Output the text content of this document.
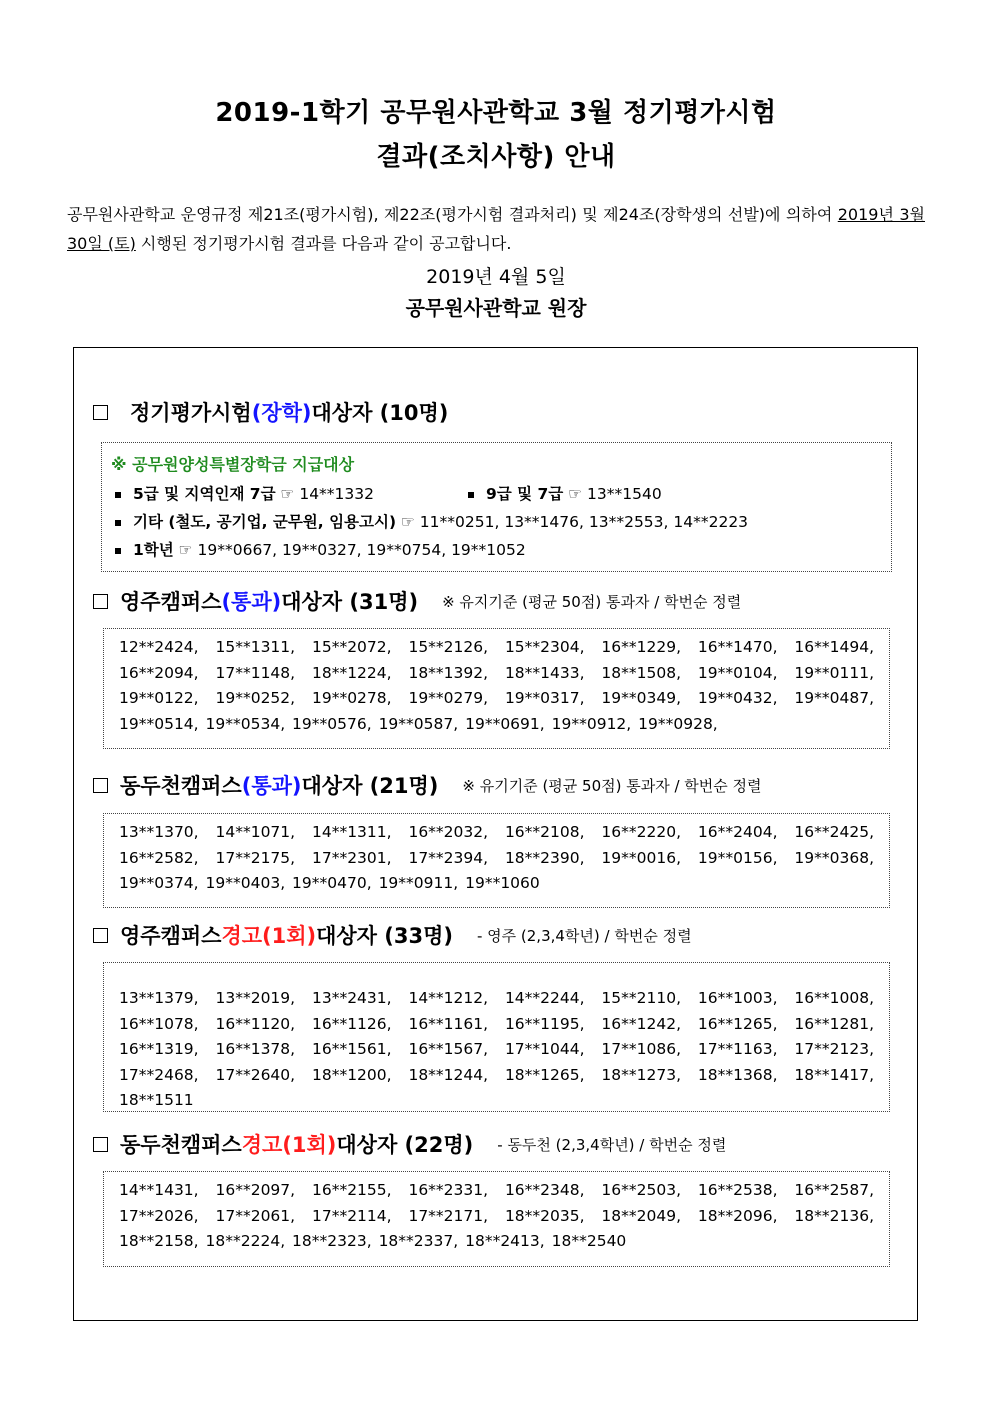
2019-1학기 공무원사관학교 3월 정기평가시험
결과(조치사항) 안내
공무원사관학교 운영규정 제21조(평가시험), 제22조(평가시험 결과처리) 및 제24조(장학생의 선발)에 의하여 2019년 3월 30일 (토) 시행된 정기평가시험 결과를 다음과 같이 공고합니다.
2019년 4월 5일
공무원사관학교 원장
정기평가시험 (장학) 대상자 (10명)
※ 공무원양성특별장학금 지급대상
5급 및 지역인재 7급 ☞ 14**1332	9급 및 7급 ☞ 13**1540
기타 (철도, 공기업, 군무원, 임용고시) ☞ 11**0251, 13**1476, 13**2553, 14**2223
1학년 ☞ 19**0667, 19**0327, 19**0754, 19**1052
영주캠퍼스 (통과) 대상자 (31명) ※ 유지기준 (평균 50점) 통과자 / 학번순 정렬
12**2424, 15**1311, 15**2072, 15**2126, 15**2304, 16**1229, 16**1470, 16**1494, 16**2094, 17**1148, 18**1224, 18**1392, 18**1433, 18**1508, 19**0104, 19**0111, 19**0122, 19**0252, 19**0278, 19**0279, 19**0317, 19**0349, 19**0432, 19**0487, 19**0514, 19**0534, 19**0576, 19**0587, 19**0691, 19**0912, 19**0928,
동두천캠퍼스 (통과) 대상자 (21명) ※ 유기기준 (평균 50점) 통과자 / 학번순 정렬
13**1370, 14**1071, 14**1311, 16**2032, 16**2108, 16**2220, 16**2404, 16**2425, 16**2582, 17**2175, 17**2301, 17**2394, 18**2390, 19**0016, 19**0156, 19**0368, 19**0374, 19**0403, 19**0470, 19**0911, 19**1060
영주캠퍼스 경고(1회) 대상자 (33명) - 영주 (2,3,4학년) / 학번순 정렬
13**1379, 13**2019, 13**2431, 14**1212, 14**2244, 15**2110, 16**1003, 16**1008, 16**1078, 16**1120, 16**1126, 16**1161, 16**1195, 16**1242, 16**1265, 16**1281, 16**1319, 16**1378, 16**1561, 16**1567, 17**1044, 17**1086, 17**1163, 17**2123, 17**2468, 17**2640, 18**1200, 18**1244, 18**1265, 18**1273, 18**1368, 18**1417, 18**1511
동두천캠퍼스 경고(1회) 대상자 (22명) - 동두천 (2,3,4학년) / 학번순 정렬
14**1431, 16**2097, 16**2155, 16**2331, 16**2348, 16**2503, 16**2538, 16**2587, 17**2026, 17**2061, 17**2114, 17**2171, 18**2035, 18**2049, 18**2096, 18**2136, 18**2158, 18**2224, 18**2323, 18**2337, 18**2413, 18**2540
